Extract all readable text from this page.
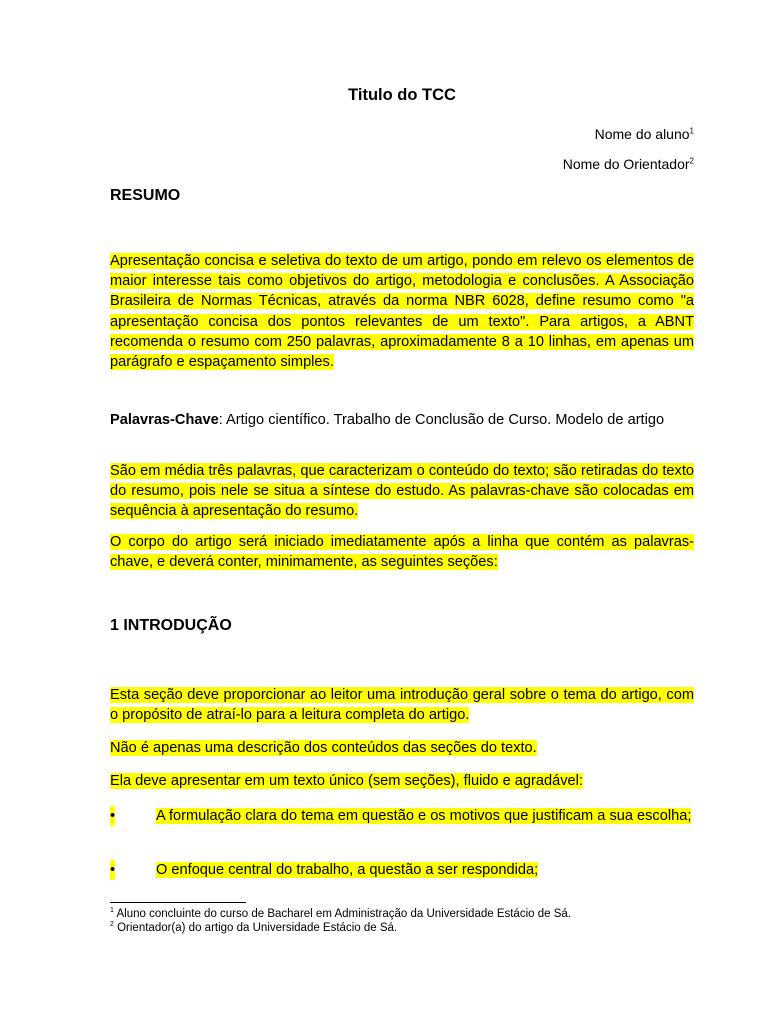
Titulo do TCC
Nome do aluno$^1$
Nome do Orientador$^2$
RESUMO

Apresentação concisa e seletiva do texto de um artigo, pondo em relevo os elementos de maior interesse tais como objetivos do artigo, metodologia e conclusões. A Associação Brasileira de Normas Técnicas, através da norma NBR 6028, define resumo como "a apresentação concisa dos pontos relevantes de um texto". Para artigos, a ABNT recomenda o resumo com 250 palavras, aproximadamente 8 a 10 linhas, em apenas um parágrafo e espaçamento simples.

Palavras-Chave: Artigo científico. Trabalho de Conclusão de Curso. Modelo de artigo

São em média três palavras, que caracterizam o conteúdo do texto; são retiradas do texto do resumo, pois nele se situa a síntese do estudo. As palavras-chave são colocadas em sequência à apresentação do resumo.

O corpo do artigo será iniciado imediatamente após a linha que contém as palavras-chave, e deverá conter, minimamente, as seguintes seções:

1 INTRODUÇÃO

Esta seção deve proporcionar ao leitor uma introdução geral sobre o tema do artigo, com o propósito de atraí-lo para a leitura completa do artigo.

Não é apenas uma descrição dos conteúdos das seções do texto.

Ela deve apresentar em um texto único (sem seções), fluido e agradável:

•	A formulação clara do tema em questão e os motivos que justificam a sua escolha;
•	O enfoque central do trabalho, a questão a ser respondida;
$^1$ Aluno concluinte do curso de Bacharel em Administração da Universidade Estácio de Sá.
$^2$ Orientador(a) do artigo da Universidade Estácio de Sá.
